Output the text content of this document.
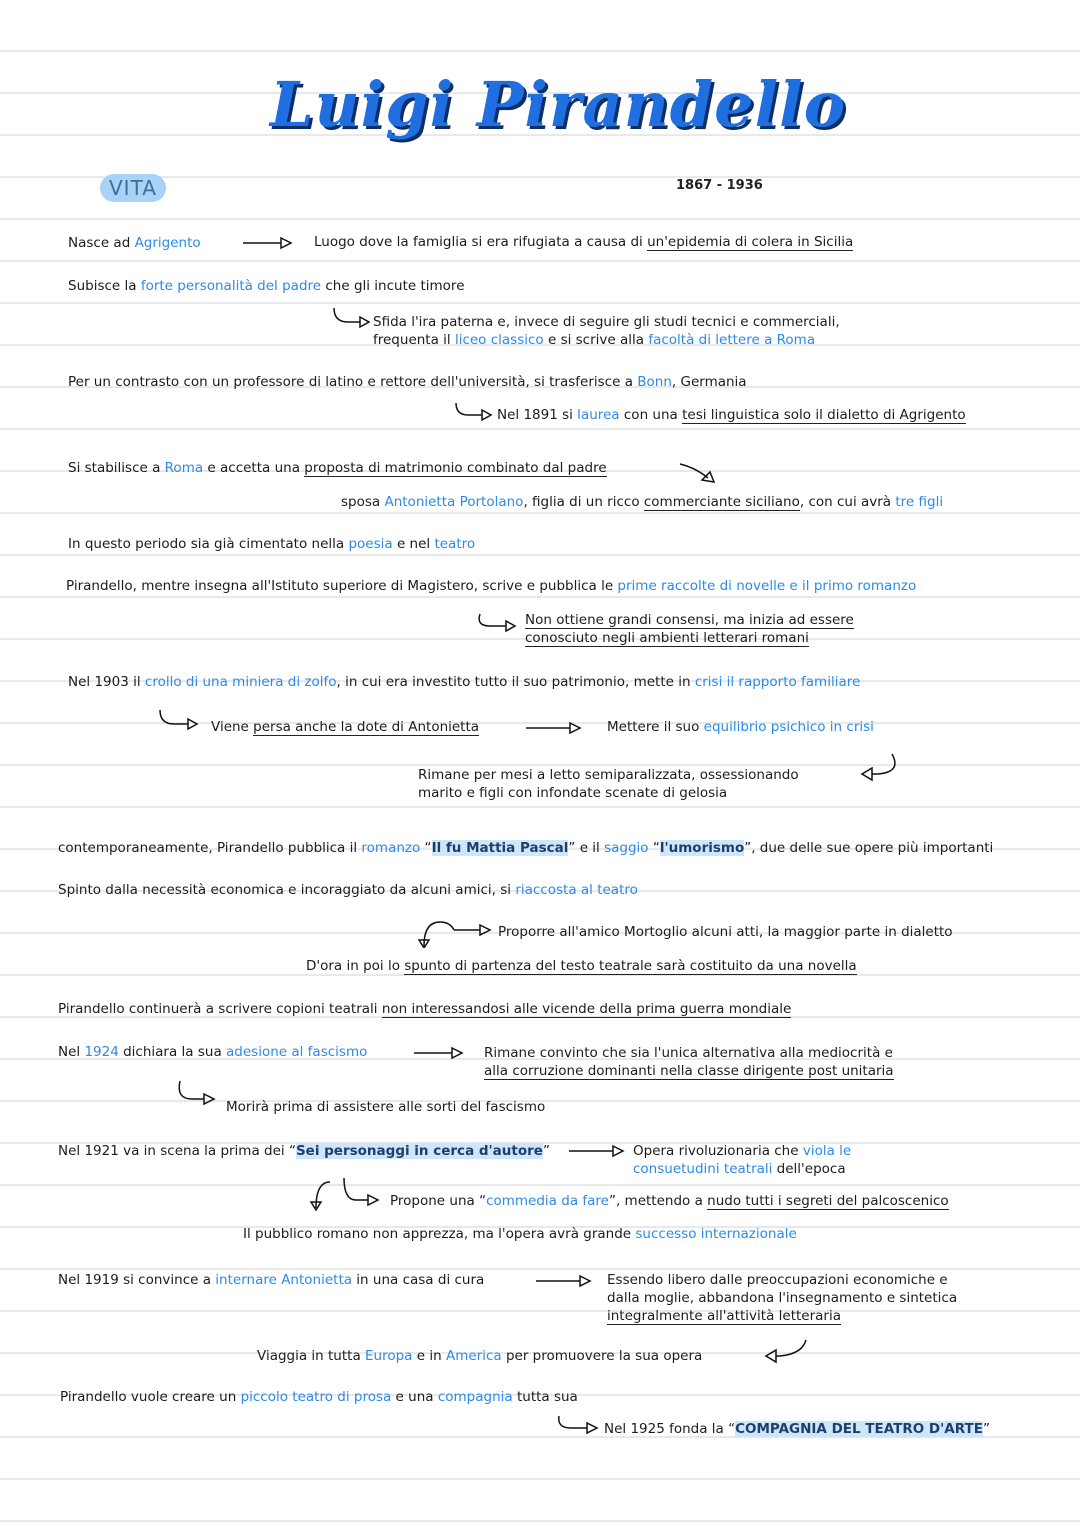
Luigi Pirandello
1867 - 1936
VITA
Nasce ad Agrigento	Luogo dove la famiglia si era rifugiata a causa di un'epidemia di colera in Sicilia
Subisce la forte personalità del padre che gli incute timore
Sfida l'ira paterna e, invece di seguire gli studi tecnici e commerciali,
frequenta il liceo classico e si scrive alla facoltà di lettere a Roma
Per un contrasto con un professore di latino e rettore dell'università, si trasferisce a Bonn, Germania
Nel 1891 si laurea con una tesi linguistica solo il dialetto di Agrigento
Si stabilisce a Roma e accetta una proposta di matrimonio combinato dal padre
sposa Antonietta Portolano, figlia di un ricco commerciante siciliano, con cui avrà tre figli
In questo periodo sia già cimentato nella poesia e nel teatro
Pirandello, mentre insegna all'Istituto superiore di Magistero, scrive e pubblica le prime raccolte di novelle e il primo romanzo
Non ottiene grandi consensi, ma inizia ad essere
conosciuto negli ambienti letterari romani
Nel 1903 il crollo di una miniera di zolfo, in cui era investito tutto il suo patrimonio, mette in crisi il rapporto familiare
Viene persa anche la dote di Antonietta	Mettere il suo equilibrio psichico in crisi
Rimane per mesi a letto semiparalizzata, ossessionando
marito e figli con infondate scenate di gelosia
contemporaneamente, Pirandello pubblica il romanzo “Il fu Mattia Pascal” e il saggio “l'umorismo”, due delle sue opere più importanti
Spinto dalla necessità economica e incoraggiato da alcuni amici, si riaccosta al teatro
Proporre all'amico Mortoglio alcuni atti, la maggior parte in dialetto
D'ora in poi lo spunto di partenza del testo teatrale sarà costituito da una novella
Pirandello continuerà a scrivere copioni teatrali non interessandosi alle vicende della prima guerra mondiale
Nel 1924 dichiara la sua adesione al fascismo	Rimane convinto che sia l'unica alternativa alla mediocrità e
alla corruzione dominanti nella classe dirigente post unitaria
Morirà prima di assistere alle sorti del fascismo
Nel 1921 va in scena la prima dei “Sei personaggi in cerca d'autore”	Opera rivoluzionaria che viola le
consuetudini teatrali dell'epoca
Propone una “commedia da fare”, mettendo a nudo tutti i segreti del palcoscenico
Il pubblico romano non apprezza, ma l'opera avrà grande successo internazionale
Nel 1919 si convince a internare Antonietta in una casa di cura	Essendo libero dalle preoccupazioni economiche e
dalla moglie, abbandona l'insegnamento e sintetica
integralmente all'attività letteraria
Viaggia in tutta Europa e in America per promuovere la sua opera
Pirandello vuole creare un piccolo teatro di prosa e una compagnia tutta sua
Nel 1925 fonda la “COMPAGNIA DEL TEATRO D'ARTE”
